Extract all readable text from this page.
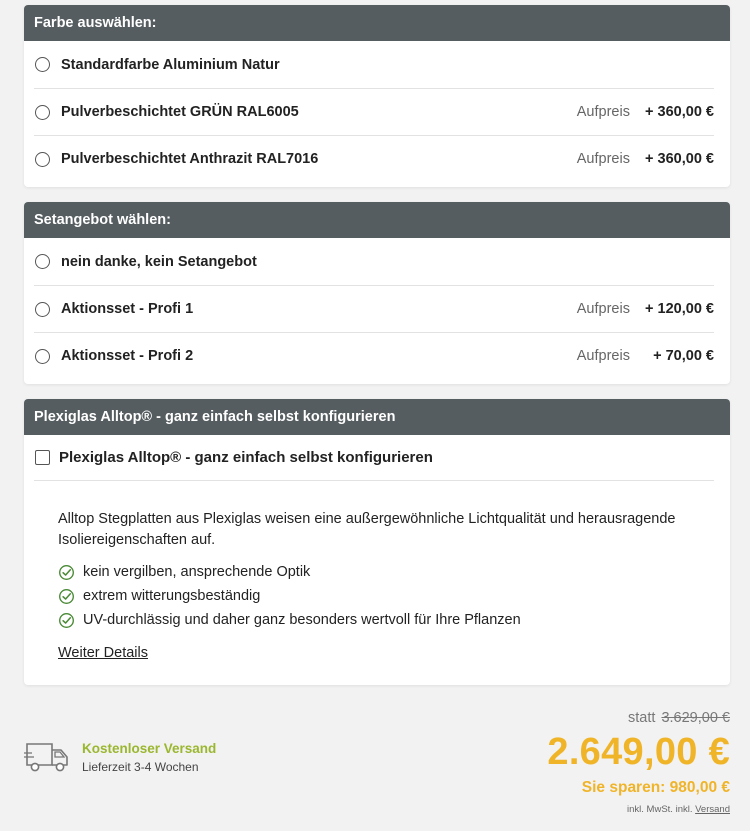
Farbe auswählen:
Standardfarbe Aluminium Natur
Pulverbeschichtet GRÜN RAL6005	Aufpreis + 360,00 €
Pulverbeschichtet Anthrazit RAL7016	Aufpreis + 360,00 €
Setangebot wählen:
nein danke, kein Setangebot
Aktionsset - Profi 1	Aufpreis + 120,00 €
Aktionsset - Profi 2	Aufpreis + 70,00 €
Plexiglas Alltop® - ganz einfach selbst konfigurieren
Plexiglas Alltop® - ganz einfach selbst konfigurieren

Alltop Stegplatten aus Plexiglas weisen eine außergewöhnliche Lichtqualität und herausragende Isoliereigenschaften auf.

kein vergilben, ansprechende Optik
extrem witterungsbeständig
UV-durchlässig und daher ganz besonders wertvoll für Ihre Pflanzen
Weiter Details
Kostenloser Versand
Lieferzeit 3-4 Wochen
statt 3.629,00 €
2.649,00 €
Sie sparen: 980,00 €
inkl. MwSt. inkl. Versand
